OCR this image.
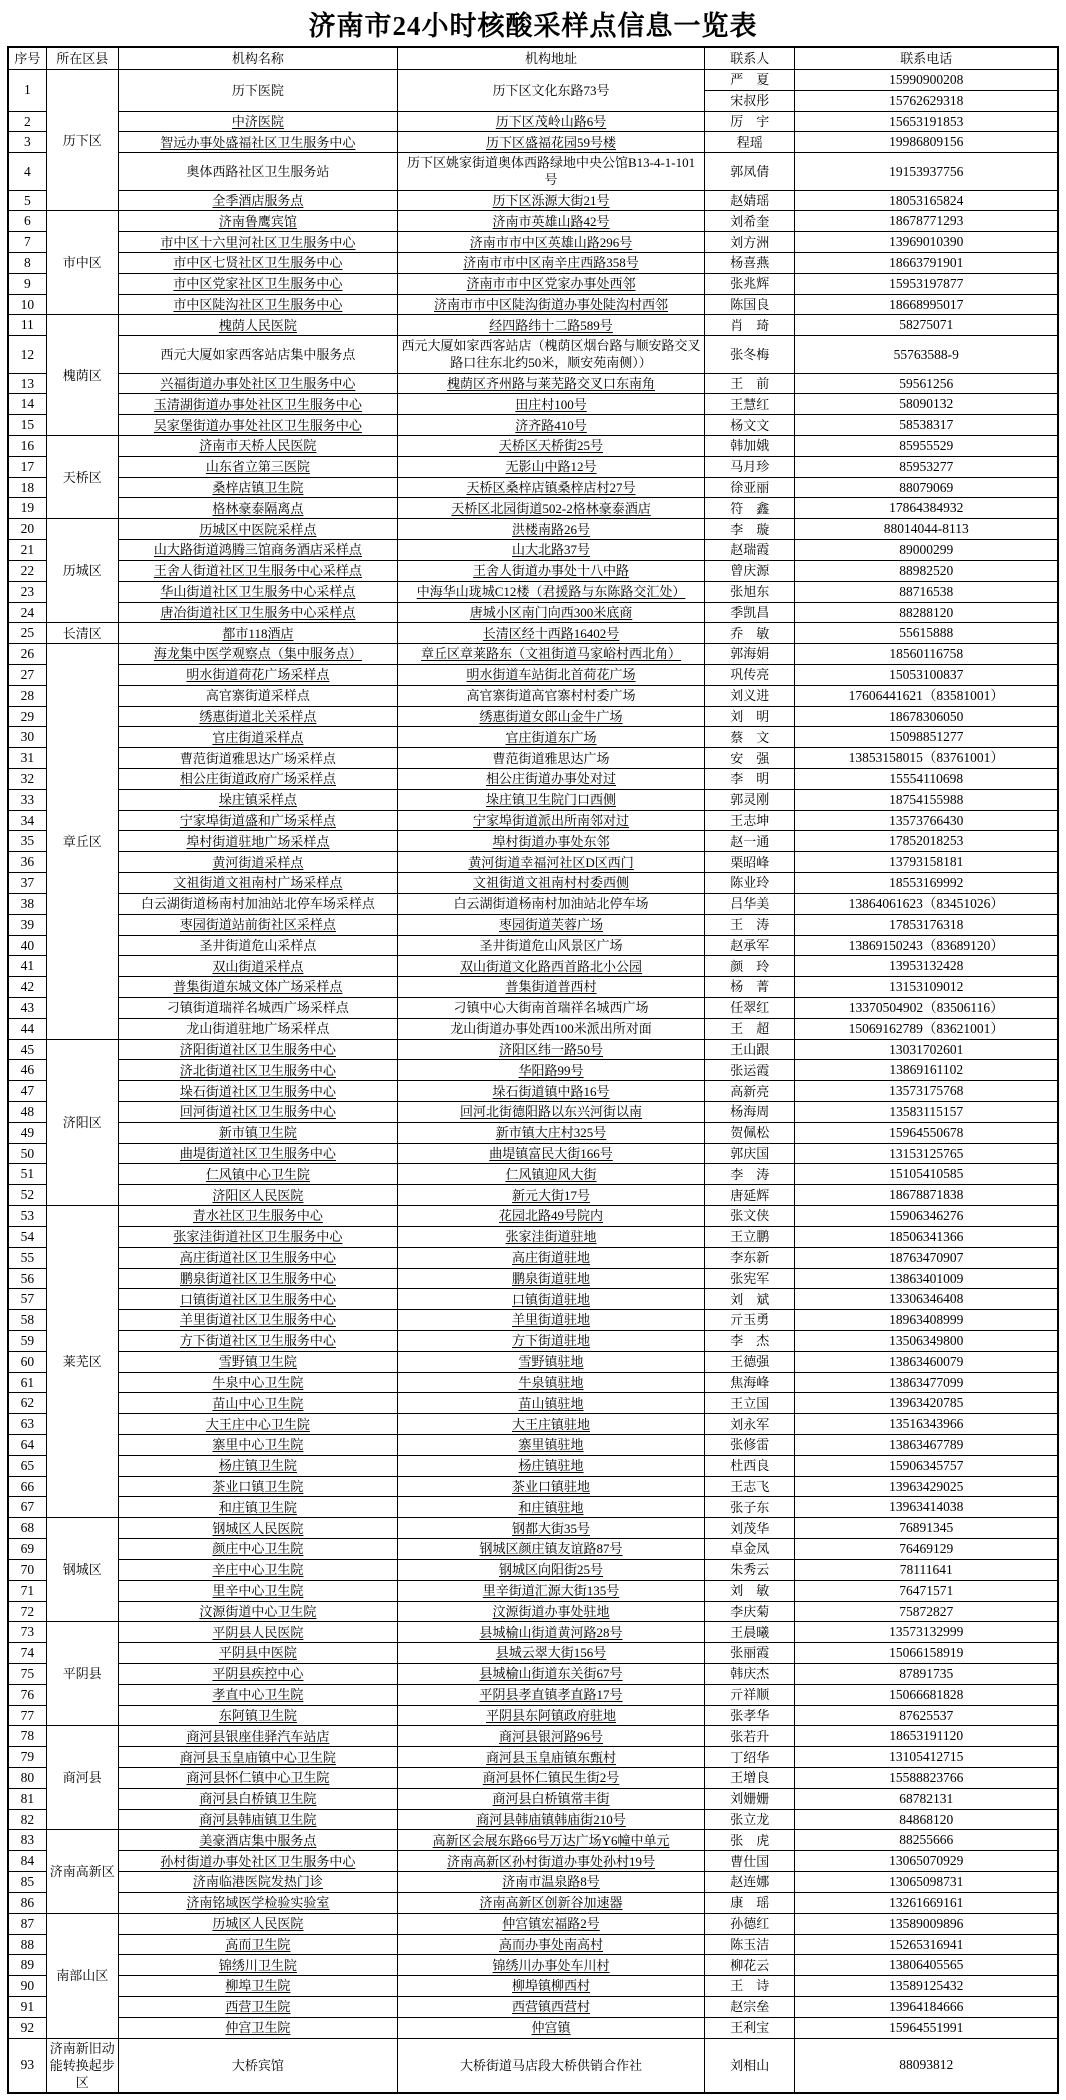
济南市24小时核酸采样点信息一览表
序号	所在区县	机构名称	机构地址	联系人	联系电话
1	历下区	历下医院	历下区文化东路73号	严　夏	15990900208
				宋叔彤	15762629318
2		中济医院	历下区茂岭山路6号	厉　宇	15653191853
3		智远办事处盛福社区卫生服务中心	历下区盛福花园59号楼	程瑶	19986809156
4		奥体西路社区卫生服务站	历下区姚家街道奥体西路绿地中央公馆B13-4-1-101号	郭凤倩	19153937756
5		全季酒店服务点	历下区泺源大街21号	赵婧瑶	18053165824
6	市中区	济南鲁鹰宾馆	济南市英雄山路42号	刘希奎	18678771293
7		市中区十六里河社区卫生服务中心	济南市市中区英雄山路296号	刘方洲	13969010390
8		市中区七贤社区卫生服务中心	济南市市中区南辛庄西路358号	杨喜燕	18663791901
9		市中区党家社区卫生服务中心	济南市市中区党家办事处西邻	张兆辉	15953197877
10		市中区陡沟社区卫生服务中心	济南市市中区陡沟街道办事处陡沟村西邻	陈国良	18668995017
11	槐荫区	槐荫人民医院	经四路纬十二路589号	肖　琦	58275071
12		西元大厦如家西客站店集中服务点	西元大厦如家西客站店（槐荫区烟台路与顺安路交叉路口往东北约50米，顺安苑南侧））	张冬梅	55763588-9
13		兴福街道办事处社区卫生服务中心	槐荫区齐州路与莱芜路交叉口东南角	王　前	59561256
14		玉清湖街道办事处社区卫生服务中心	田庄村100号	王慧红	58090132
15		吴家堡街道办事处社区卫生服务中心	济齐路410号	杨文文	58538317
16	天桥区	济南市天桥人民医院	天桥区天桥街25号	韩加娥	85955529
17		山东省立第三医院	无影山中路12号	马月珍	85953277
18		桑梓店镇卫生院	天桥区桑梓店镇桑梓店村27号	徐亚丽	88079069
19		格林豪泰隔离点	天桥区北园街道502-2格林豪泰酒店	符　鑫	17864384932
20	历城区	历城区中医院采样点	洪楼南路26号	李　璇	88014044-8113
21		山大路街道鸿腾三馆商务酒店采样点	山大北路37号	赵瑞霞	89000299
22		王舍人街道社区卫生服务中心采样点	王舍人街道办事处十八中路	曾庆源	88982520
23		华山街道社区卫生服务中心采样点	中海华山珑城C12楼（君援路与东陈路交汇处）	张旭东	88716538
24		唐冶街道社区卫生服务中心采样点	唐城小区南门向西300米底商	季凯昌	88288120
25	长清区	都市118酒店	长清区经十西路16402号	乔　敏	55615888
26	章丘区	海龙集中医学观察点（集中服务点）	章丘区章莱路东（文祖街道马家峪村西北角）	郭海娟	18560116758
27		明水街道荷花广场采样点	明水街道车站街北首荷花广场	巩传亮	15053100837
28		高官寨街道采样点	高官寨街道高官寨村村委广场	刘义进	17606441621（83581001）
29		绣惠街道北关采样点	绣惠街道女郎山金牛广场	刘　明	18678306050
30		官庄街道采样点	官庄街道东广场	蔡　文	15098851277
31		曹范街道雅思达广场采样点	曹范街道雅思达广场	安　强	13853158015（83761001）
32		相公庄街道政府广场采样点	相公庄街道办事处对过	李　明	15554110698
33		垛庄镇采样点	垛庄镇卫生院门口西侧	郭灵刚	18754155988
34		宁家埠街道盛和广场采样点	宁家埠街道派出所南邻对过	王志坤	13573766430
35		埠村街道驻地广场采样点	埠村街道办事处东邻	赵一通	17852018253
36		黄河街道采样点	黄河街道幸福河社区D区西门	栗昭峰	13793158181
37		文祖街道文祖南村广场采样点	文祖街道文祖南村村委西侧	陈业玲	18553169992
38		白云湖街道杨南村加油站北停车场采样点	白云湖街道杨南村加油站北停车场	吕华美	13864061623（83451026）
39		枣园街道站前街社区采样点	枣园街道芙蓉广场	王　涛	17853176318
40		圣井街道危山采样点	圣井街道危山风景区广场	赵承军	13869150243（83689120）
41		双山街道采样点	双山街道文化路西首路北小公园	颜　玲	13953132428
42		普集街道东城文体广场采样点	普集街道普西村	杨　菁	13153109012
43		刁镇街道瑞祥名城西广场采样点	刁镇中心大街南首瑞祥名城西广场	任翠红	13370504902（83506116）
44		龙山街道驻地广场采样点	龙山街道办事处西100米派出所对面	王　超	15069162789（83621001）
45	济阳区	济阳街道社区卫生服务中心	济阳区纬一路50号	王山跟	13031702601
46		济北街道社区卫生服务中心	华阳路99号	张运霞	13869161102
47		垛石街道社区卫生服务中心	垛石街道镇中路16号	高新亮	13573175768
48		回河街道社区卫生服务中心	回河北街德阳路以东兴河街以南	杨海周	13583115157
49		新市镇卫生院	新市镇大庄村325号	贺佩松	15964550678
50		曲堤街道社区卫生服务中心	曲堤镇富民大街166号	郭庆国	13153125765
51		仁风镇中心卫生院	仁风镇迎风大街	李　涛	15105410585
52		济阳区人民医院	新元大街17号	唐延辉	18678871838
53	莱芜区	青水社区卫生服务中心	花园北路49号院内	张文侠	15906346276
54		张家洼街道社区卫生服务中心	张家洼街道驻地	王立鹏	18506341366
55		高庄街道社区卫生服务中心	高庄街道驻地	李东新	18763470907
56		鹏泉街道社区卫生服务中心	鹏泉街道驻地	张宪军	13863401009
57		口镇街道社区卫生服务中心	口镇街道驻地	刘　斌	13306346408
58		羊里街道社区卫生服务中心	羊里街道驻地	亓玉勇	18963408999
59		方下街道社区卫生服务中心	方下街道驻地	李　杰	13506349800
60		雪野镇卫生院	雪野镇驻地	王德强	13863460079
61		牛泉中心卫生院	牛泉镇驻地	焦海峰	13863477099
62		苗山中心卫生院	苗山镇驻地	王立国	13963420785
63		大王庄中心卫生院	大王庄镇驻地	刘永军	13516343966
64		寨里中心卫生院	寨里镇驻地	张修雷	13863467789
65		杨庄镇卫生院	杨庄镇驻地	杜西良	15906345757
66		茶业口镇卫生院	茶业口镇驻地	王志飞	13963429025
67		和庄镇卫生院	和庄镇驻地	张子东	13963414038
68	钢城区	钢城区人民医院	钢都大街35号	刘茂华	76891345
69		颜庄中心卫生院	钢城区颜庄镇友谊路87号	卓金凤	76469129
70		辛庄中心卫生院	钢城区向阳街25号	朱秀云	78111641
71		里辛中心卫生院	里辛街道汇源大街135号	刘　敏	76471571
72		汶源街道中心卫生院	汶源街道办事处驻地	李庆菊	75872827
73	平阴县	平阴县人民医院	县城榆山街道黄河路28号	王晨曦	13573132999
74		平阴县中医院	县城云翠大街156号	张丽霞	15066158919
75		平阴县疾控中心	县城榆山街道东关街67号	韩庆杰	87891735
76		孝直中心卫生院	平阴县孝直镇孝直路17号	亓祥顺	15066681828
77		东阿镇卫生院	平阴县东阿镇政府驻地	张孝华	87625537
78	商河县	商河县银座佳驿汽车站店	商河县银河路96号	张若升	18653191120
79		商河县玉皇庙镇中心卫生院	商河县玉皇庙镇东甄村	丁绍华	13105412715
80		商河县怀仁镇中心卫生院	商河县怀仁镇民生街2号	王增良	15588823766
81		商河县白桥镇卫生院	商河县白桥镇常丰街	刘姗姗	68782131
82		商河县韩庙镇卫生院	商河县韩庙镇韩庙街210号	张立龙	84868120
83	济南高新区	美豪酒店集中服务点	高新区会展东路66号万达广场Y6幢中单元	张　虎	88255666
84		孙村街道办事处社区卫生服务中心	济南高新区孙村街道办事处孙村19号	曹仕国	13065070929
85		济南临港医院发热门诊	济南市温泉路8号	赵连娜	13065098731
86		济南铭域医学检验实验室	济南高新区创新谷加速器	康　瑶	13261669161
87	南部山区	历城区人民医院	仲宫镇宏福路2号	孙德红	13589009896
88		高而卫生院	高而办事处南高村	陈玉洁	15265316941
89		锦绣川卫生院	锦绣川办事处车川村	柳花云	13806405565
90		柳埠卫生院	柳埠镇柳西村	王　诗	13589125432
91		西营卫生院	西营镇西营村	赵宗垒	13964184666
92		仲宫卫生院	仲宫镇	王利宝	15964551991
93	济南新旧动能转换起步区	大桥宾馆	大桥街道马店段大桥供销合作社	刘相山	88093812
